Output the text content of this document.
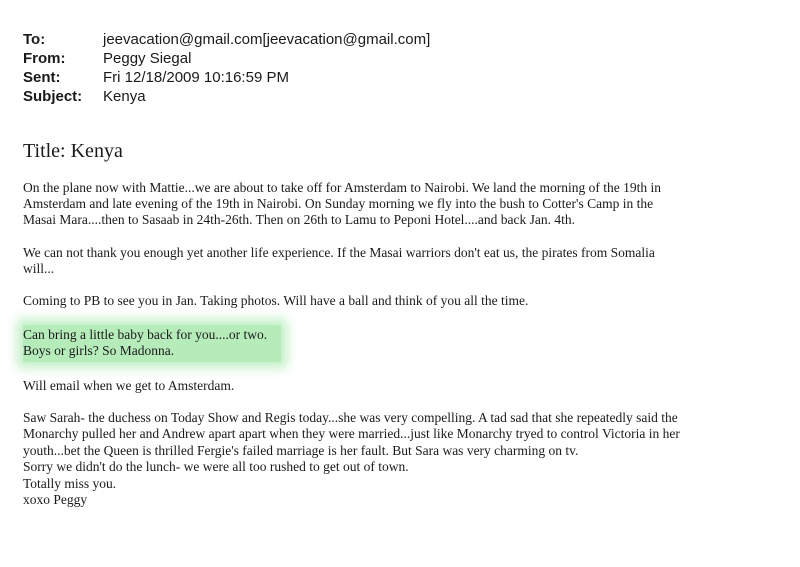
To:	jeevacation@gmail.com[jeevacation@gmail.com]
From:	Peggy Siegal
Sent:	Fri 12/18/2009 10:16:59 PM
Subject:	Kenya
Title: Kenya
On the plane now with Mattie...we are about to take off for Amsterdam to Nairobi. We land the morning of the 19th in
Amsterdam and late evening of the 19th in Nairobi. On Sunday morning we fly into the bush to Cotter's Camp in the
Masai Mara....then to Sasaab in 24th-26th. Then on 26th to Lamu to Peponi Hotel....and back Jan. 4th.
We can not thank you enough yet another life experience. If the Masai warriors don't eat us, the pirates from Somalia
will...
Coming to PB to see you in Jan. Taking photos. Will have a ball and think of you all the time.
Can bring a little baby back for you....or two.
Boys or girls? So Madonna.
Will email when we get to Amsterdam.
Saw Sarah- the duchess on Today Show and Regis today...she was very compelling. A tad sad that she repeatedly said the
Monarchy pulled her and Andrew apart apart when they were married...just like Monarchy tryed to control Victoria in her
youth...bet the Queen is thrilled Fergie's failed marriage is her fault. But Sara was very charming on tv.
Sorry we didn't do the lunch- we were all too rushed to get out of town.
Totally miss you.
xoxo Peggy
